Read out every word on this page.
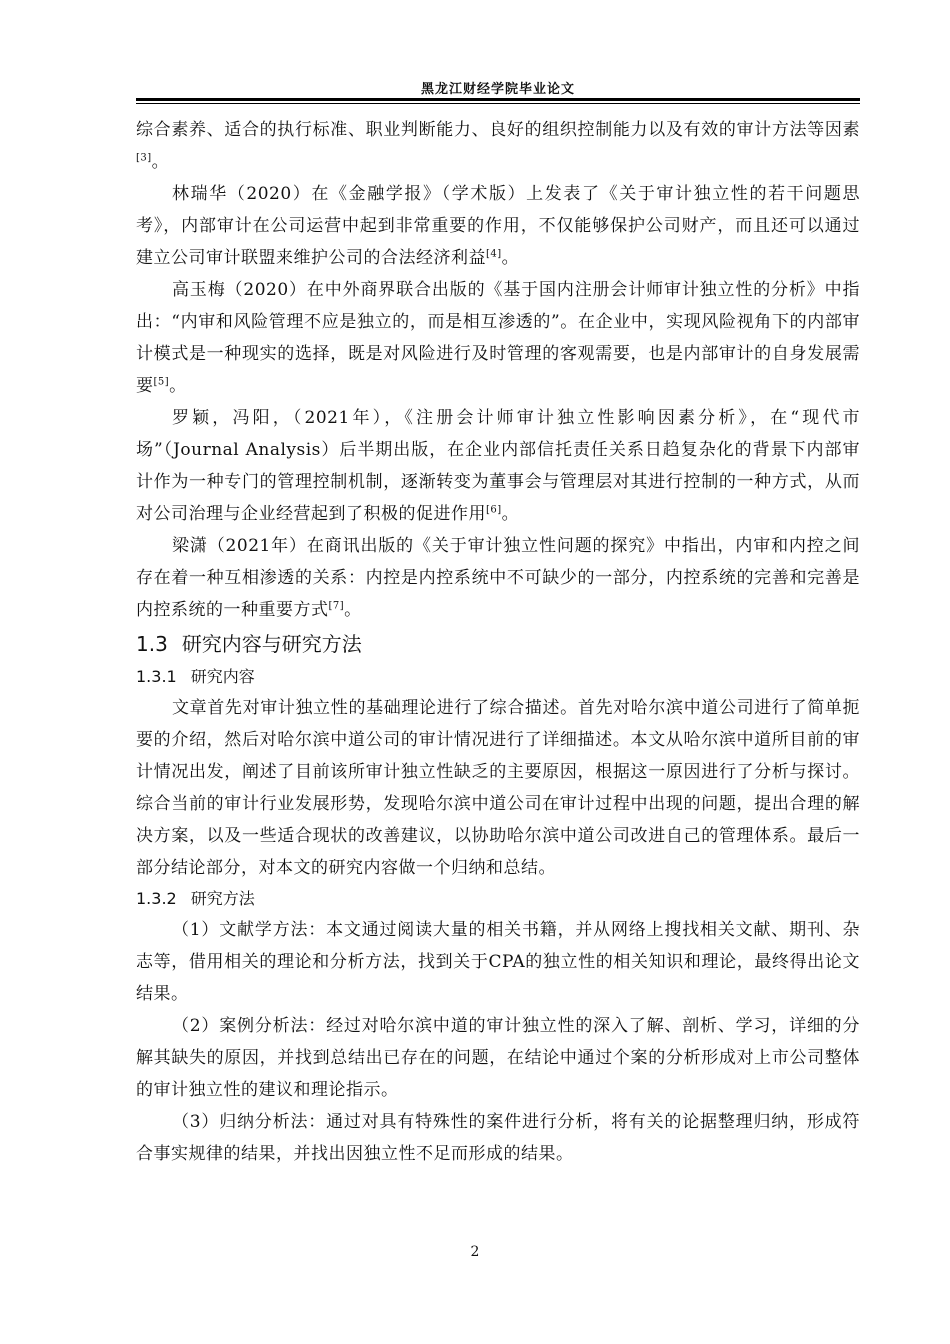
黑龙江财经学院毕业论文

综合素养、适合的执行标准、职业判断能力、良好的组织控制能力以及有效的审计方法等因素[3]。

林瑞华（2020）在《金融学报》（学术版）上发表了《关于审计独立性的若干问题思考》，内部审计在公司运营中起到非常重要的作用，不仅能够保护公司财产，而且还可以通过建立公司审计联盟来维护公司的合法经济利益[4]。

高玉梅（2020）在中外商界联合出版的《基于国内注册会计师审计独立性的分析》中指出：“内审和风险管理不应是独立的，而是相互渗透的”。在企业中，实现风险视角下的内部审计模式是一种现实的选择，既是对风险进行及时管理的客观需要，也是内部审计的自身发展需要[5]。

罗颖，冯阳，（2021年），《注册会计师审计独立性影响因素分析》，在“现代市场”（Journal Analysis）后半期出版，在企业内部信托责任关系日趋复杂化的背景下内部审计作为一种专门的管理控制机制，逐渐转变为董事会与管理层对其进行控制的一种方式，从而对公司治理与企业经营起到了积极的促进作用[6]。

梁潇（2021年）在商讯出版的《关于审计独立性问题的探究》中指出，内审和内控之间存在着一种互相渗透的关系：内控是内控系统中不可缺少的一部分，内控系统的完善和完善是内控系统的一种重要方式[7]。

1.3 研究内容与研究方法
1.3.1 研究内容

文章首先对审计独立性的基础理论进行了综合描述。首先对哈尔滨中道公司进行了简单扼要的介绍，然后对哈尔滨中道公司的审计情况进行了详细描述。本文从哈尔滨中道所目前的审计情况出发，阐述了目前该所审计独立性缺乏的主要原因，根据这一原因进行了分析与探讨。综合当前的审计行业发展形势，发现哈尔滨中道公司在审计过程中出现的问题，提出合理的解决方案，以及一些适合现状的改善建议，以协助哈尔滨中道公司改进自己的管理体系。最后一部分结论部分，对本文的研究内容做一个归纳和总结。

1.3.2 研究方法

（1）文献学方法：本文通过阅读大量的相关书籍，并从网络上搜找相关文献、期刊、杂志等，借用相关的理论和分析方法，找到关于CPA的独立性的相关知识和理论，最终得出论文结果。

（2）案例分析法：经过对哈尔滨中道的审计独立性的深入了解、剖析、学习，详细的分解其缺失的原因，并找到总结出已存在的问题，在结论中通过个案的分析形成对上市公司整体的审计独立性的建议和理论指示。

（3）归纳分析法：通过对具有特殊性的案件进行分析，将有关的论据整理归纳，形成符合事实规律的结果，并找出因独立性不足而形成的结果。

2
